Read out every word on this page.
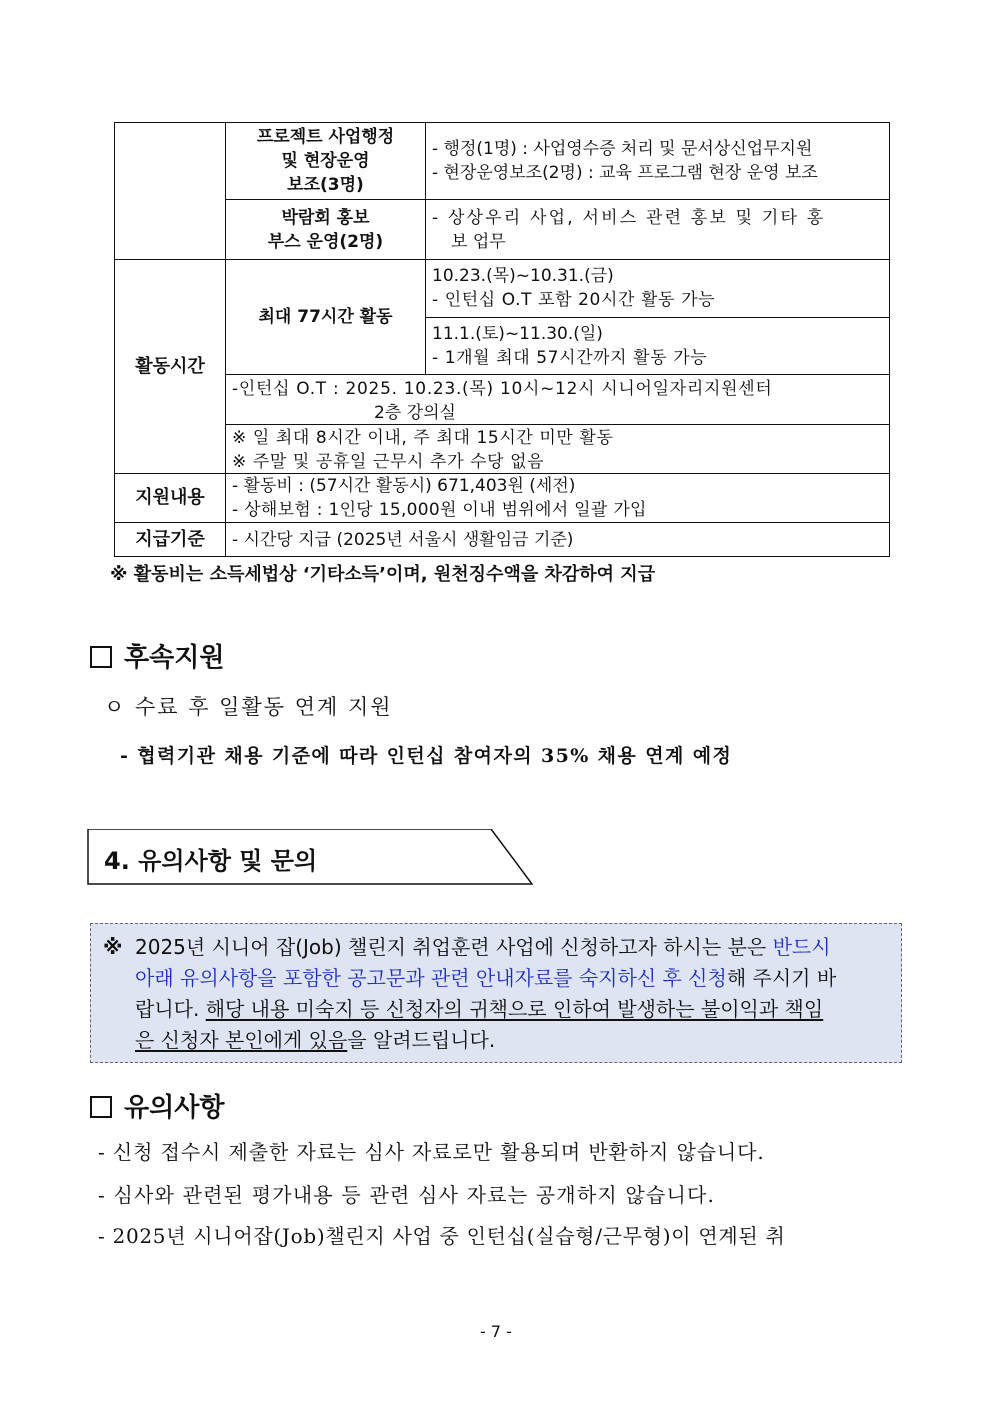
프로젝트 사업행정
및 현장운영
보조(3명)
- 행정(1명) : 사업영수증 처리 및 문서상신업무지원
- 현장운영보조(2명) : 교육 프로그램 현장 운영 보조
박람회 홍보
부스 운영(2명)
- 상상우리 사업, 서비스 관련 홍보 및 기타 홍
보 업무
활동시간
최대 77시간 활동
10.23.(목)~10.31.(금)
- 인턴십 O.T 포함 20시간 활동 가능
11.1.(토)~11.30.(일)
- 1개월 최대 57시간까지 활동 가능
-인턴십 O.T : 2025. 10.23.(목) 10시~12시 시니어일자리지원센터
2층 강의실
※ 일 최대 8시간 이내, 주 최대 15시간 미만 활동
※ 주말 및 공휴일 근무시 추가 수당 없음
지원내용
- 활동비 : (57시간 활동시) 671,403원 (세전)
- 상해보험 : 1인당 15,000원 이내 범위에서 일괄 가입
지급기준 - 시간당 지급 (2025년 서울시 생활임금 기준)
※ 활동비는 소득세법상 ‘기타소득’이며, 원천징수액을 차감하여 지급
후속지원
ㅇ 수료 후 일활동 연계 지원
- 협력기관 채용 기준에 따라 인턴십 참여자의 35% 채용 연계 예정
4. 유의사항 및 문의
※ 2025년 시니어 잡(Job) 챌린지 취업훈련 사업에 신청하고자 하시는 분은 반드시
아래 유의사항을 포함한 공고문과 관련 안내자료를 숙지하신 후 신청해 주시기 바
랍니다. 해당 내용 미숙지 등 신청자의 귀책으로 인하여 발생하는 불이익과 책임
은 신청자 본인에게 있음을 알려드립니다.
유의사항
- 신청 접수시 제출한 자료는 심사 자료로만 활용되며 반환하지 않습니다.
- 심사와 관련된 평가내용 등 관련 심사 자료는 공개하지 않습니다.
- 2025년 시니어잡(Job)챌린지 사업 중 인턴십(실습형/근무형)이 연계된 취
- 7 -
